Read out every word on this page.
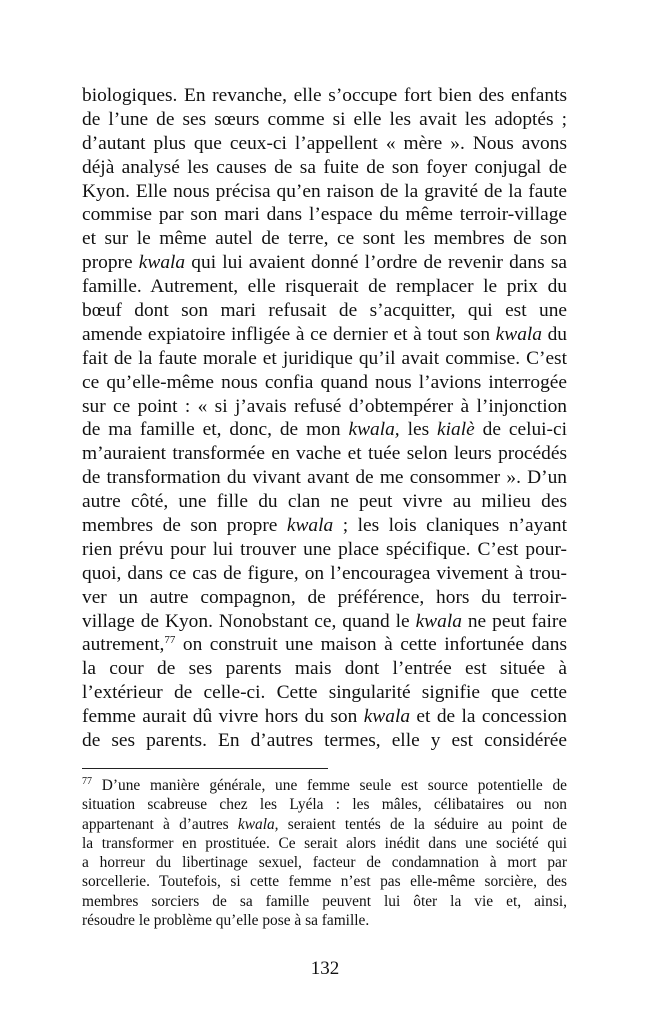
biologiques. En revanche, elle s’occupe fort bien des enfants
de l’une de ses sœurs comme si elle les avait les adoptés ;
d’autant plus que ceux-ci l’appellent « mère ». Nous avons
déjà analysé les causes de sa fuite de son foyer conjugal de
Kyon. Elle nous précisa qu’en raison de la gravité de la faute
commise par son mari dans l’espace du même terroir-village
et sur le même autel de terre, ce sont les membres de son
propre kwala qui lui avaient donné l’ordre de revenir dans sa
famille. Autrement, elle risquerait de remplacer le prix du
bœuf dont son mari refusait de s’acquitter, qui est une
amende expiatoire infligée à ce dernier et à tout son kwala du
fait de la faute morale et juridique qu’il avait commise. C’est
ce qu’elle-même nous confia quand nous l’avions interrogée
sur ce point : « si j’avais refusé d’obtempérer à l’injonction
de ma famille et, donc, de mon kwala, les kialè de celui-ci
m’auraient transformée en vache et tuée selon leurs procédés
de transformation du vivant avant de me consommer ». D’un
autre côté, une fille du clan ne peut vivre au milieu des
membres de son propre kwala ; les lois claniques n’ayant
rien prévu pour lui trouver une place spécifique. C’est pour-
quoi, dans ce cas de figure, on l’encouragea vivement à trou-
ver un autre compagnon, de préférence, hors du terroir-
village de Kyon. Nonobstant ce, quand le kwala ne peut faire
autrement,$^{77}$ on construit une maison à cette infortunée dans
la cour de ses parents mais dont l’entrée est située à
l’extérieur de celle-ci. Cette singularité signifie que cette
femme aurait dû vivre hors du son kwala et de la concession
de ses parents. En d’autres termes, elle y est considérée
$^{77}$ D’une manière générale, une femme seule est source potentielle de
situation scabreuse chez les Lyéla : les mâles, célibataires ou non
appartenant à d’autres kwala, seraient tentés de la séduire au point de
la transformer en prostituée. Ce serait alors inédit dans une société qui
a horreur du libertinage sexuel, facteur de condamnation à mort par
sorcellerie. Toutefois, si cette femme n’est pas elle-même sorcière, des
membres sorciers de sa famille peuvent lui ôter la vie et, ainsi,
résoudre le problème qu’elle pose à sa famille.
132
